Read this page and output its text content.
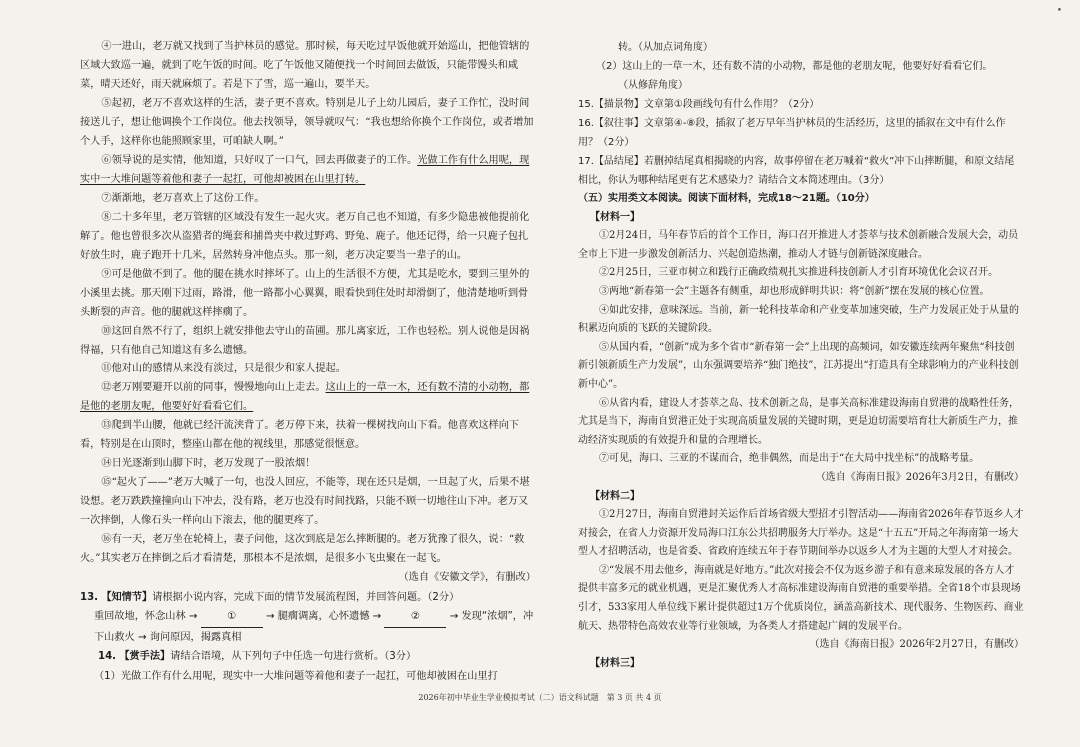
•

④一进山，老万就又找到了当护林员的感觉。那时候，每天吃过早饭他就开始巡山，把他管辖的区域大致巡一遍，就到了吃午饭的时间。吃了午饭他又随便找一个时间回去做饭，只能带馒头和咸菜，晴天还好，雨天就麻烦了。若是下了雪，巡一遍山，要半天。

⑤起初，老万不喜欢这样的生活，妻子更不喜欢。特别是儿子上幼儿园后，妻子工作忙，没时间接送儿子，想让他调换个工作岗位。他去找领导，领导就叹气：“我也想给你换个工作岗位，或者增加个人手，这样你也能照顾家里，可咱缺人啊。”

⑥领导说的是实情，他知道，只好叹了一口气，回去再做妻子的工作。光做工作有什么用呢，现实中一大堆问题等着他和妻子一起扛，可他却被困在山里打转。

⑦渐渐地，老万喜欢上了这份工作。

⑧二十多年里，老万管辖的区域没有发生一起火灾。老万自己也不知道，有多少隐患被他提前化解了。他也曾很多次从盗猎者的绳套和捕兽夹中救过野鸡、野兔、鹿子。他还记得，给一只鹿子包扎好放生时，鹿子跑开十几米，居然转身冲他点头。那一刻，老万决定要当一辈子的山。

⑨可是他做不到了。他的腿在挑水时摔坏了。山上的生活很不方便，尤其是吃水，要到三里外的小溪里去挑。那天刚下过雨，路滑，他一路都小心翼翼，眼看快到住处时却滑倒了，他清楚地听到骨头断裂的声音。他的腿就这样摔瘸了。

⑩这回自然不行了，组织上就安排他去守山的苗圃。那儿离家近，工作也轻松。别人说他是因祸得福，只有他自己知道这有多么遗憾。

⑪他对山的感情从来没有淡过，只是很少和家人提起。

⑫老万刚要避开以前的同事，慢慢地向山上走去。这山上的一草一木，还有数不清的小动物，都是他的老朋友呢，他要好好看看它们。

⑬爬到半山腰，他就已经汗流浃背了。老万停下来，扶着一棵树找向山下看。他喜欢这样向下看，特别是在山顶时，整座山都在他的视线里，那感觉很惬意。

⑭日光逐渐到山脚下时，老万发现了一股浓烟！

⑮“起火了——”老万大喊了一句，也没人回应，不能等，现在还只是烟，一旦起了火，后果不堪设想。老万跌跌撞撞向山下冲去，没有路，老万也没有时间找路，只能不顾一切地往山下冲。老万又一次摔倒，人像石头一样向山下滚去，他的腿更疼了。

⑯有一天，老万坐在轮椅上，妻子问他，这次到底是怎么摔断腿的。老万犹豫了很久，说：“救火。”其实老万在摔倒之后才看清楚，那根本不是浓烟，是很多小飞虫聚在一起飞。

（选自《安徽文学》，有删改）

13. 【知情节】请根据小说内容，完成下面的情节发展流程图，并回答问题。（2分）

重回故地，怀念山林 →	①	→ 腿瘸调离，心怀遗憾 →	②	→ 发现“浓烟”，冲下山救火 → 询问原因，揭露真相

14. 【赏手法】请结合语境，从下列句子中任选一句进行赏析。（3分）

（1）光做工作有什么用呢，现实中一大堆问题等着他和妻子一起扛，可他却被困在山里打

转。（从加点词角度）

（2）这山上的一草一木，还有数不清的小动物，都是他的老朋友呢，他要好好看看它们。

（从修辞角度）

15.【描景物】文章第①段画线句有什么作用？（2分）

16.【叙往事】文章第④-⑧段，插叙了老万早年当护林员的生活经历，这里的插叙在文中有什么作用？（2分）

17.【品结尾】若删掉结尾真相揭晓的内容，故事停留在老万喊着“救火”冲下山摔断腿，和原文结尾相比，你认为哪种结尾更有艺术感染力？请结合文本简述理由。（3分）

（五）实用类文本阅读。阅读下面材料，完成18～21题。（10分）

【材料一】

①2月24日，马年春节后的首个工作日，海口召开推进人才荟萃与技术创新融合发展大会，动员全市上下进一步激发创新活力、兴起创造热潮，推动人才链与创新链深度融合。

②2月25日，三亚市树立和践行正确政绩观扎实推进科技创新人才引育环境优化会议召开。

③两地“新春第一会”主题各有侧重，却也形成鲜明共识：将“创新”摆在发展的核心位置。

④如此安排，意味深远。当前，新一轮科技革命和产业变革加速突破，生产力发展正处于从量的积累迈向质的飞跃的关键阶段。

⑤从国内看，“创新”成为多个省市“新春第一会”上出现的高频词，如安徽连续两年聚焦“科技创新引领新质生产力发展”，山东强调要培养“独门绝技”，江苏提出“打造具有全球影响力的产业科技创新中心”。

⑥从省内看，建设人才荟萃之岛、技术创新之岛，是事关高标准建设海南自贸港的战略性任务，尤其是当下，海南自贸港正处于实现高质量发展的关键时期，更是迫切需要培育壮大新质生产力，推动经济实现质的有效提升和量的合理增长。

⑦可见，海口、三亚的不谋而合，绝非偶然，而是出于“在大局中找坐标”的战略考量。

（选自《海南日报》2026年3月2日，有删改）

【材料二】

①2月27日，海南自贸港封关运作后首场省级大型招才引智活动——海南省2026年春节返乡人才对接会，在省人力资源开发局海口江东公共招聘服务大厅举办。这是“十五五”开局之年海南第一场大型人才招聘活动，也是省委、省政府连续五年于春节期间举办以返乡人才为主题的大型人才对接会。

②“发展不用去他乡，海南就是好地方。”此次对接会不仅为返乡游子和有意来琼发展的各方人才提供丰富多元的就业机遇，更是汇聚优秀人才高标准建设海南自贸港的重要举措。全省18个市县现场引才，533家用人单位线下累计提供超过1万个优质岗位，涵盖高新技术、现代服务、生物医药、商业航天、热带特色高效农业等行业领域，为各类人才搭建起广阔的发展平台。

（选自《海南日报》2026年2月27日，有删改）

【材料三】

2026年初中毕业生学业模拟考试（二）语文科试题　第 3 页 共 4 页
